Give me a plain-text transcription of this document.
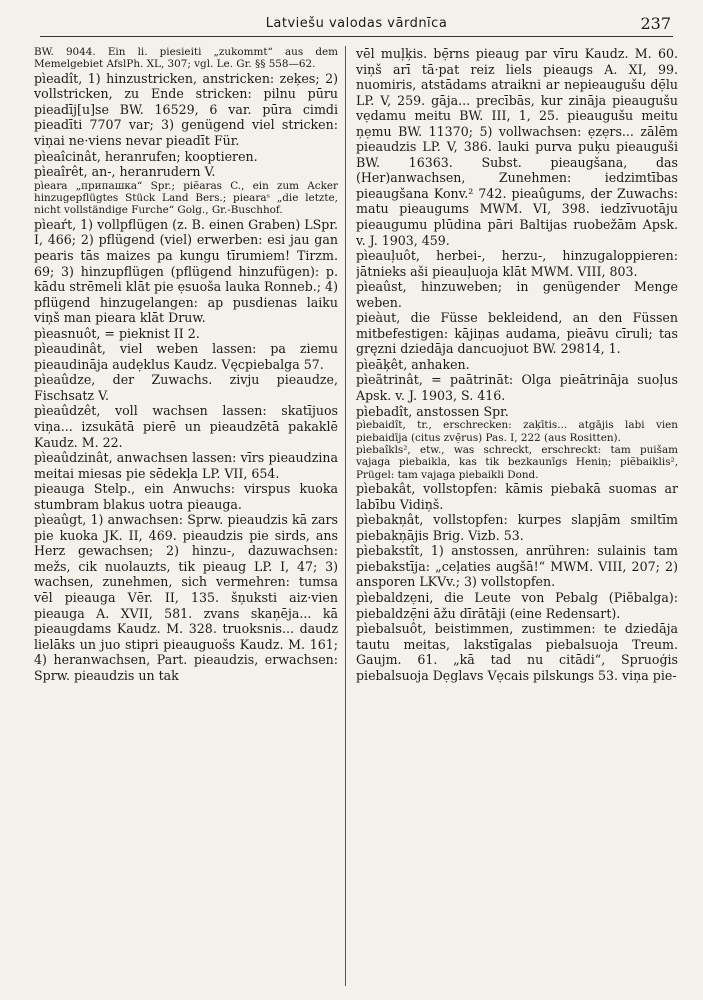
Latviešu valodas vārdnīca	237

BW. 9044. Ein li. piesieiti „zukommt“ aus dem Memelgebiet AfslPh. XL, 307; vgl. Le. Gr. §§ 558—62.

pìeadît, 1) hinzustricken, anstricken: zeķes; 2) vollstricken, zu Ende stricken: pilnu pūru pieadīj[u]se BW. 16529, 6 var. pūra cimdi pieadīti 7707 var; 3) genügend viel stricken: viņai ne·viens nevar pieadīt Für.

pìeaîcinât, heranrufen; kooptieren.

pìeaîrêt, an-, heranrudern V.

pìeara „припашка“ Spr.; piẽaras C., ein zum Acker hinzugepflügtes Stück Land Bers.; piearaˢ „die letzte, nicht vollständige Furche“ Golg., Gr.-Buschhof.

pìeaŕt, 1) vollpflügen (z. B. einen Graben) LSpr. I, 466; 2) pflügend (viel) erwerben: esi jau gan pearis tās maizes pa kungu tīrumiem! Tirzm. 69; 3) hinzupflügen (pflügend hinzufügen): p. kādu strēmeli klāt pie ẹsuoša lauka Ronneb.; 4) pflügend hinzugelangen: ap pusdienas laiku viņš man pieara klāt Druw.

pìeasnuôt, = pieknist II 2.

pìeaudinât, viel weben lassen: pa ziemu pieaudināja audẹklus Kaudz. Vęcpiebalga 57.

pìeaûdze, der Zuwachs. zivju pieaudze, Fischsatz V.

pìeaûdzêt, voll wachsen lassen: skatījuos viņa... izsukātā pierē un pieaudzētā pakaklē Kaudz. M. 22.

pìeaûdzinât, anwachsen lassen: vīrs pieaudzina meitai miesas pie sēdekļa LP. VII, 654.

pieauga Stelp., ein Anwuchs: virspus kuoka stumbram blakus uotra pieauga.

pìeaûgt, 1) anwachsen: Sprw. pieaudzis kā zars pie kuoka JK. II, 469. pieaudzis pie sirds, ans Herz gewachsen; 2) hinzu-, dazuwachsen: mežs, cik nuolauzts, tik pieaug LP. I, 47; 3) wachsen, zunehmen, sich vermehren: tumsa vēl pieauga Vēr. II, 135. šņuksti aiz·vien pieauga A. XVII, 581. zvans skaņēja... kā pieaugdams Kaudz. M. 328. truoksnis... daudz lielāks un juo stipri pieauguošs Kaudz. M. 161; 4) heranwachsen, Part. pieaudzis, erwachsen: Sprw. pieaudzis un tak

vēl muļķis. bẹ̄rns pieaug par vīru Kaudz. M. 60. viņš arī tā·pat reiz liels pieaugs A. XI, 99. nuomiris, atstādams atraikni ar nepieaugušu dẹ̄lu LP. V, 259. gāja... precībās, kur zināja pieaugušu vẹdamu meitu BW. III, 1, 25. pieaugušu meitu ņẹmu BW. 11370; 5) vollwachsen: ẹzẹrs... zālēm pieaudzis LP. V, 386. lauki purva puķu pieauguši BW. 16363. Subst. pieaugšana, das (Her)anwachsen, Zunehmen: iedzimtības pieaugšana Konv.² 742. pieaûgums, der Zuwachs: matu pieaugums MWM. VI, 398. iedzīvuotāju pieaugumu plūdina pāri Baltijas ruobežām Apsk. v. J. 1903, 459.

pìeauļuôt, herbei-, herzu-, hinzugaloppieren: jātnieks aši pieauļuoja klāt MWM. VIII, 803.

pìeaûst, hinzuweben; in genügender Menge weben.

pieàut, die Füsse bekleidend, an den Füssen mitbefestigen: kājiņas audama, pieāvu cīruli; tas gręzni dziedāja dancuojuot BW. 29814, 1.

pìeāķêt, anhaken.

pìeãtrinât, = paātrināt: Olga pieātrināja suoļus Apsk. v. J. 1903, S. 416.

pìebadît, anstossen Spr.

pìebaidît, tr., erschrecken: zaķītis... atgājis labi vien piebaidīja (citus zvẹ̄rus) Pas. I, 222 (aus Rositten).

pìebaîkls², etw., was schreckt, erschreckt: tam puišam vajaga piebaikla, kas tik bezkaunīgs Heniņ; piẽbaiklis², Prügel: tam vajaga piebaikli Dond.

pìebakât, vollstopfen: kāmis piebakā suomas ar labību Vidiņš.

pìebakņât, vollstopfen: kurpes slapjām smiltīm piebakņājis Brig. Vizb. 53.

pìebakstît, 1) anstossen, anrühren: sulainis tam piebakstīja: „ceļaties augšā!“ MWM. VIII, 207; 2) ansporen LKVv.; 3) vollstopfen.

pìebaldzẹni, die Leute von Pebalg (Piẽbalga): piebaldzẹ̄ni āžu dīrātāji (eine Redensart).

pìebalsuôt, beistimmen, zustimmen: te dziedāja tautu meitas, lakstīgalas piebalsuoja Treum. Gaujm. 61. „kā tad nu citādi“, Spruoģis piebalsuoja Dẹglavs Vẹcais pilskungs 53. viņa pie-
